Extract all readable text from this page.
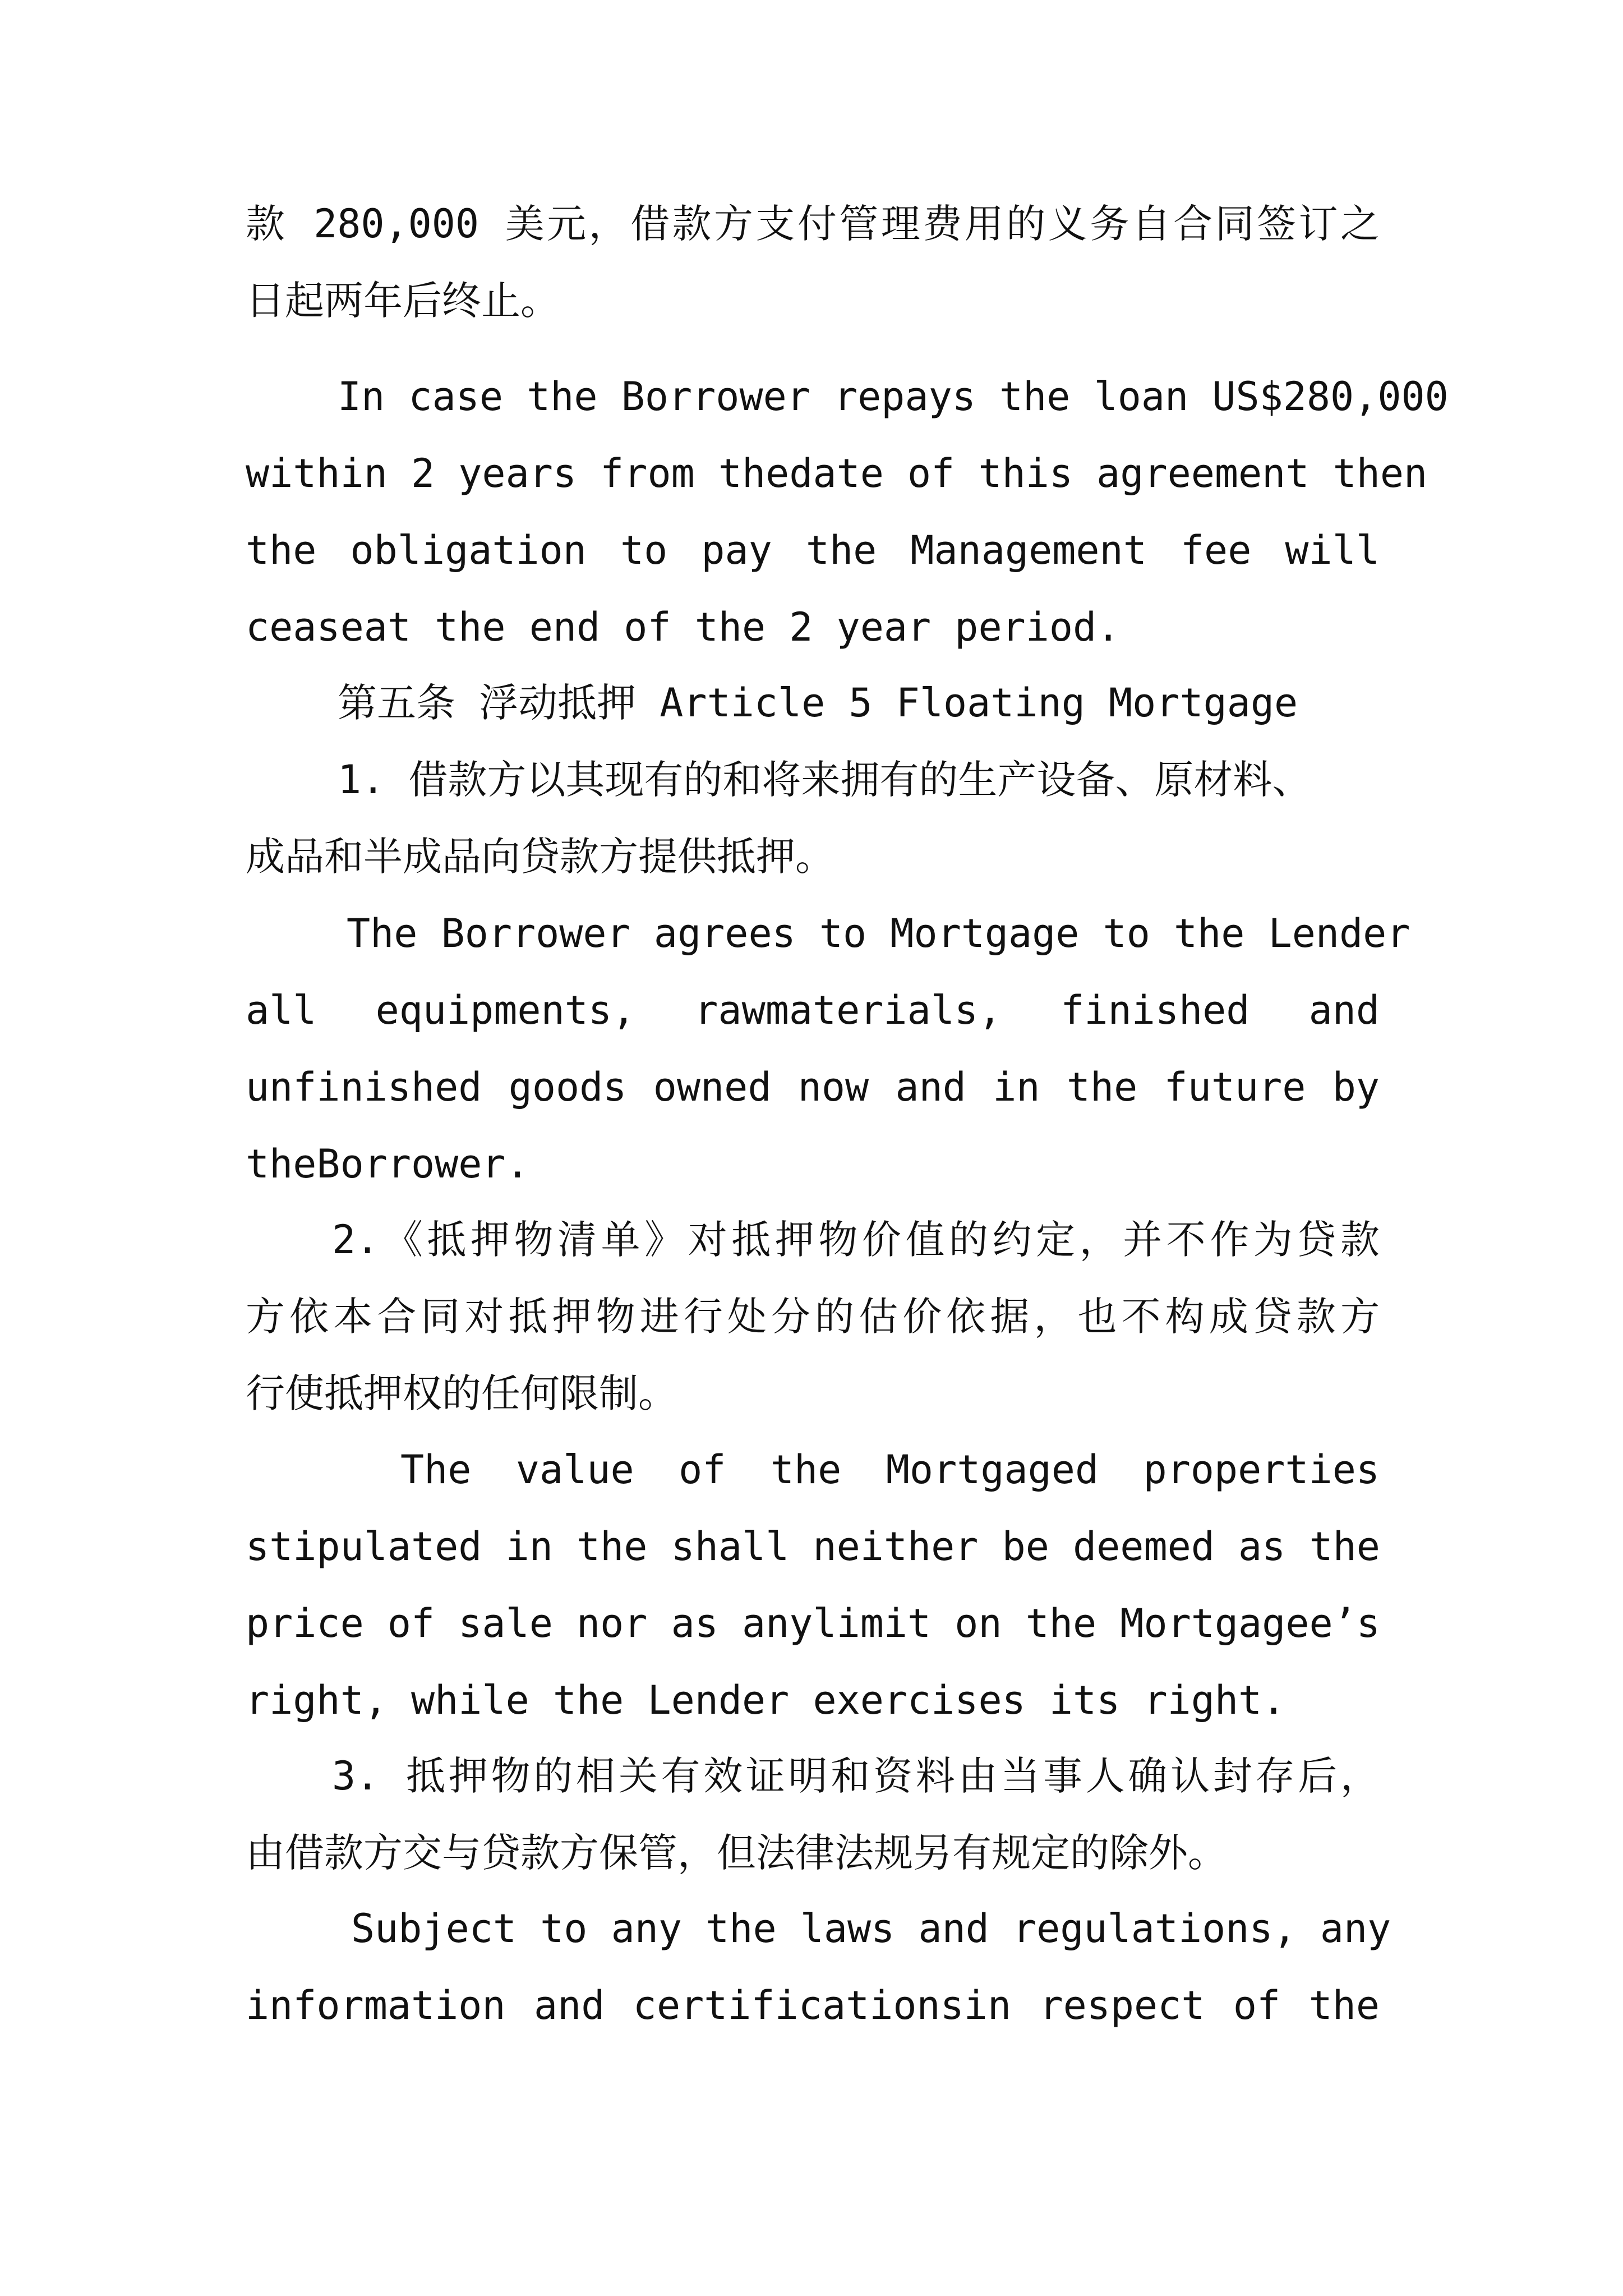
款 280,000 美元，借款方支付管理费用的义务自合同签订之
日起两年后终止。
In case the Borrower repays the loan US$280,000
within 2 years from thedate of this agreement then
the obligation to pay the Management fee will
ceaseat the end of the 2 year period.
第五条 浮动抵押 Article 5 Floating Mortgage
1. 借款方以其现有的和将来拥有的生产设备、原材料、
成品和半成品向贷款方提供抵押。
The Borrower agrees to Mortgage to the Lender
all equipments, rawmaterials, finished and
unfinished goods owned now and in the future by
theBorrower.
2.《抵押物清单》对抵押物价值的约定，并不作为贷款
方依本合同对抵押物进行处分的估价依据，也不构成贷款方
行使抵押权的任何限制。
The value of the Mortgaged properties
stipulated in the shall neither be deemed as the
price of sale nor as anylimit on the Mortgagee’s
right, while the Lender exercises its right.
3. 抵押物的相关有效证明和资料由当事人确认封存后，
由借款方交与贷款方保管，但法律法规另有规定的除外。
Subject to any the laws and regulations, any
information and certificationsin respect of the
